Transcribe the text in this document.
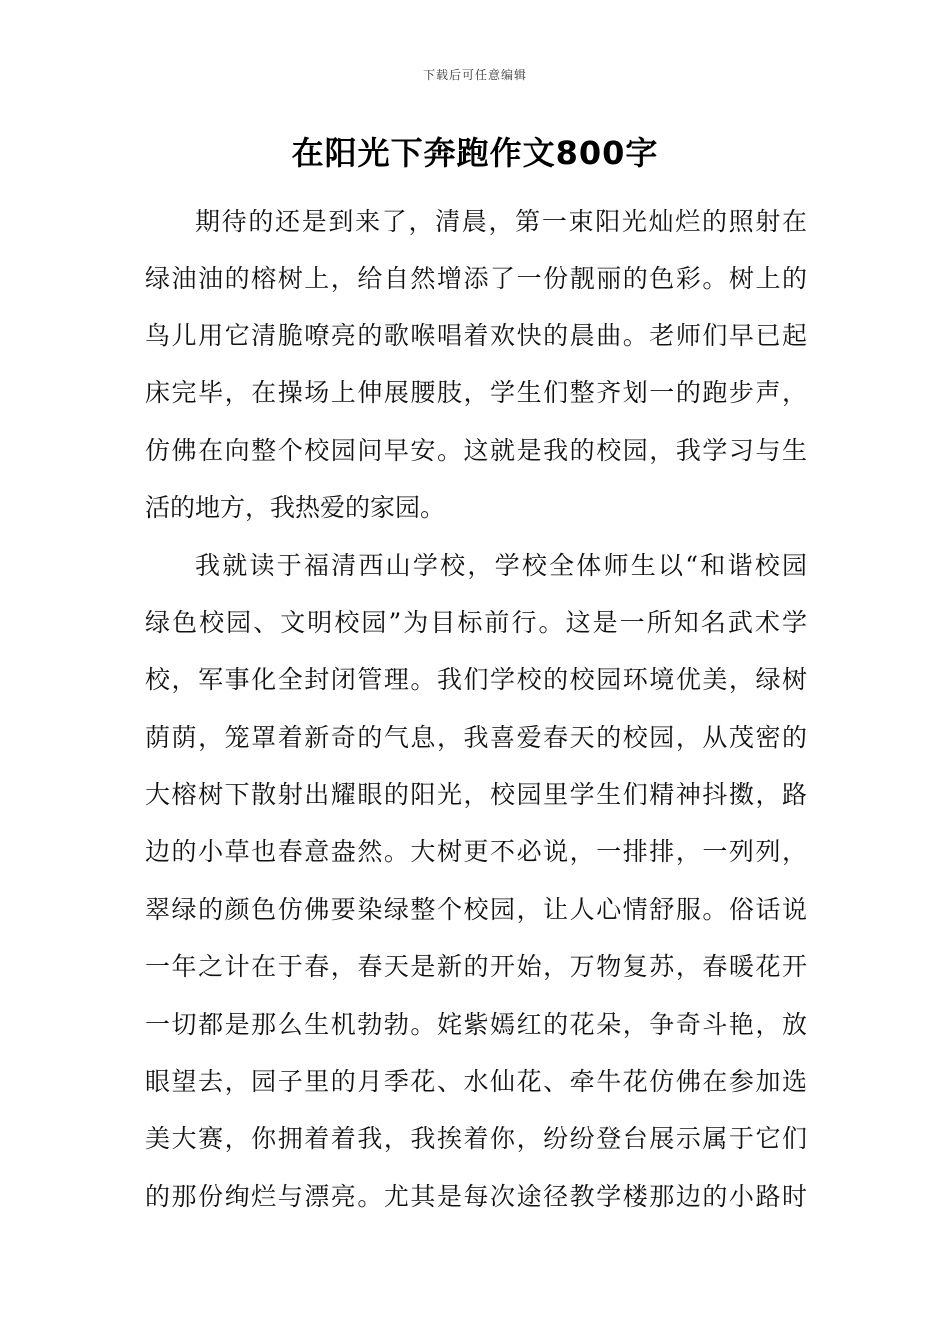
下载后可任意编辑
在阳光下奔跑作文800字
期待的还是到来了，清晨，第一束阳光灿烂的照射在
绿油油的榕树上，给自然增添了一份靓丽的色彩。树上的
鸟儿用它清脆嘹亮的歌喉唱着欢快的晨曲。老师们早已起
床完毕，在操场上伸展腰肢，学生们整齐划一的跑步声，
仿佛在向整个校园问早安。这就是我的校园，我学习与生
活的地方，我热爱的家园。
我就读于福清西山学校，学校全体师生以“和谐校园
绿色校园、文明校园”为目标前行。这是一所知名武术学
校，军事化全封闭管理。我们学校的校园环境优美，绿树
荫荫，笼罩着新奇的气息，我喜爱春天的校园，从茂密的
大榕树下散射出耀眼的阳光，校园里学生们精神抖擞，路
边的小草也春意盎然。大树更不必说，一排排，一列列，
翠绿的颜色仿佛要染绿整个校园，让人心情舒服。俗话说
一年之计在于春，春天是新的开始，万物复苏，春暖花开
一切都是那么生机勃勃。姹紫嫣红的花朵，争奇斗艳，放
眼望去，园子里的月季花、水仙花、牵牛花仿佛在参加选
美大赛，你拥着着我，我挨着你，纷纷登台展示属于它们
的那份绚烂与漂亮。尤其是每次途径教学楼那边的小路时
